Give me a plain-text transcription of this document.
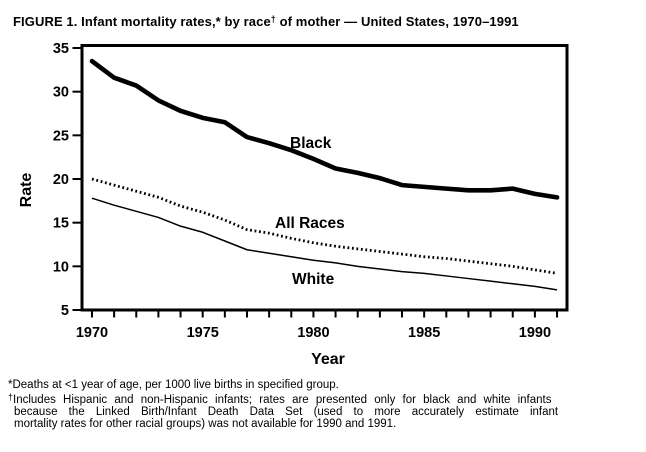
FIGURE 1. Infant mortality rates,* by race† of mother — United States, 1970–1991
5
10
15
20
25
30
35
1970	1975	1980	1985	1990
Rate
Year
Black
All Races
White
*Deaths at <1 year of age, per 1000 live births in specified group.
†Includes Hispanic and non-Hispanic infants; rates are presented only for black and white infants
because the Linked Birth/Infant Death Data Set (used to more accurately estimate infant
mortality rates for other racial groups) was not available for 1990 and 1991.
